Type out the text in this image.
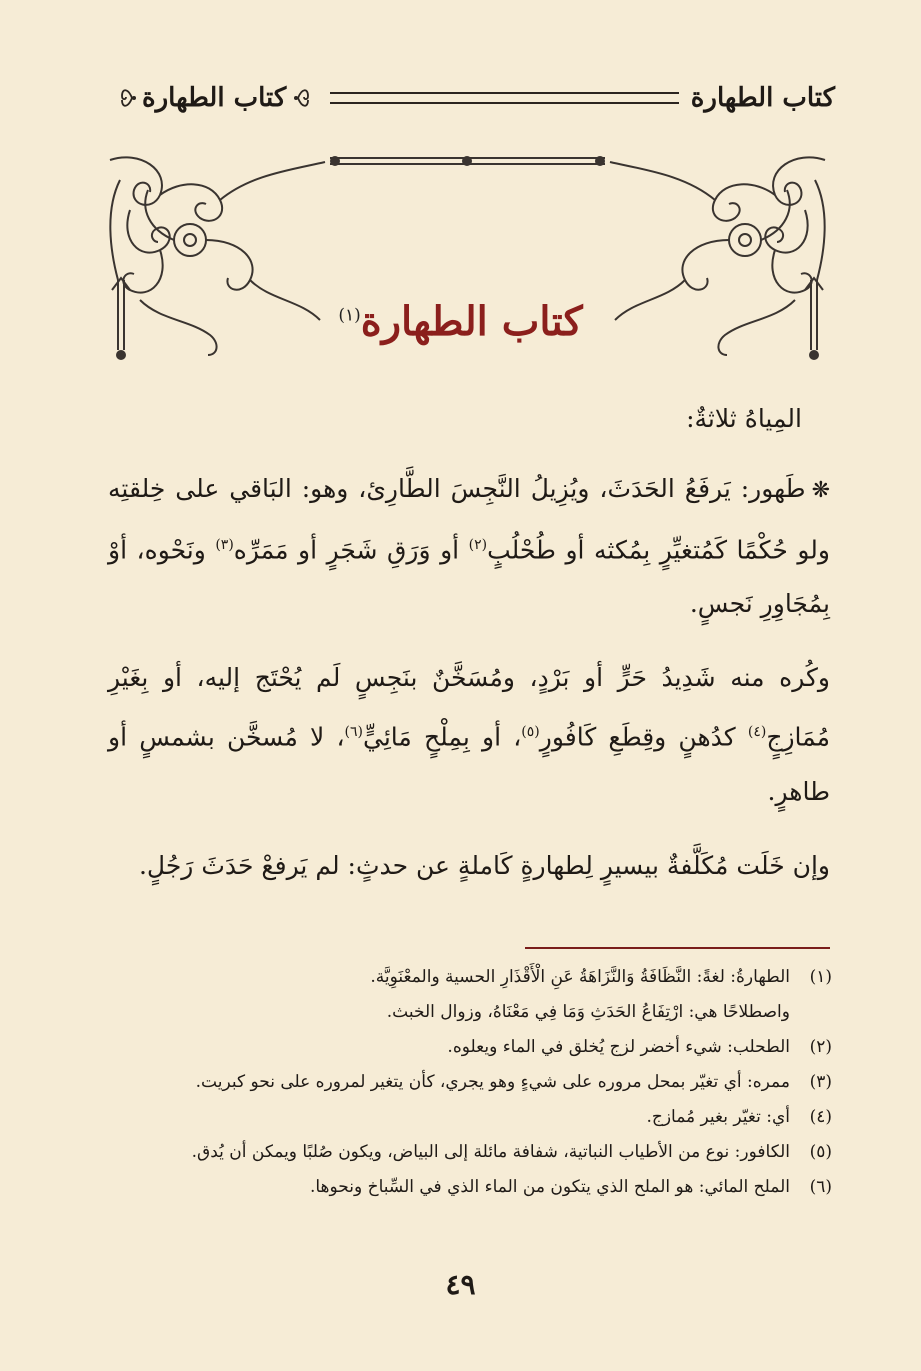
كتاب الطهارة
كتاب الطهارة
كتاب الطهارة$^{(١)}$

المِياهُ ثلاثةٌ:

❋طَهور: يَرفَعُ الحَدَثَ، ويُزِيلُ النَّجِسَ الطَّارِئ، وهو: البَاقي على خِلقتِه ولو حُكْمًا كَمُتغيِّرٍ بِمُكثه أو طُحْلُبٍ$^{(٢)}$ أو وَرَقِ شَجَرٍ أو مَمَرِّه$^{(٣)}$ ونَحْوه، أوْ بِمُجَاوِرِ نَجسٍ.

وكُره منه شَدِيدُ حَرٍّ أو بَرْدٍ، ومُسَخَّنٌ بنَجِسٍ لَم يُحْتَج إليه، أو بِغَيْرِ مُمَازِجٍ$^{(٤)}$ كدُهنٍ وقِطَعِ كَافُورٍ$^{(٥)}$، أو بِمِلْحٍ مَائِيٍّ$^{(٦)}$، لا مُسخَّن بشمسٍ أو طاهرٍ.

وإن خَلَت مُكَلَّفةٌ بيسيرٍ لِطهارةٍ كَاملةٍ عن حدثٍ: لم يَرفعْ حَدَثَ رَجُلٍ.

(١)
الطهارةُ: لغةً: النَّظَافَةُ وَالنَّزَاهَةُ عَنِ الْأَقْذَارِ الحسية والمعْنَوِيَّة.
واصطلاحًا هي: ارْتِفَاعُ الحَدَثِ وَمَا فِي مَعْنَاهُ، وزوال الخبث.
(٢)
الطحلب: شيء أخضر لزج يُخلق في الماء ويعلوه.
(٣)
ممره: أي تغيّر بمحل مروره على شيءٍ وهو يجري، كأن يتغير لمروره على نحو كبريت.
(٤)
أي: تغيّر بغير مُمازج.
(٥)
الكافور: نوع من الأطياب النباتية، شفافة مائلة إلى البياض، ويكون صُلبًا ويمكن أن يُدق.
(٦)
الملح المائي: هو الملح الذي يتكون من الماء الذي في السِّباخ ونحوها.
٤٩
